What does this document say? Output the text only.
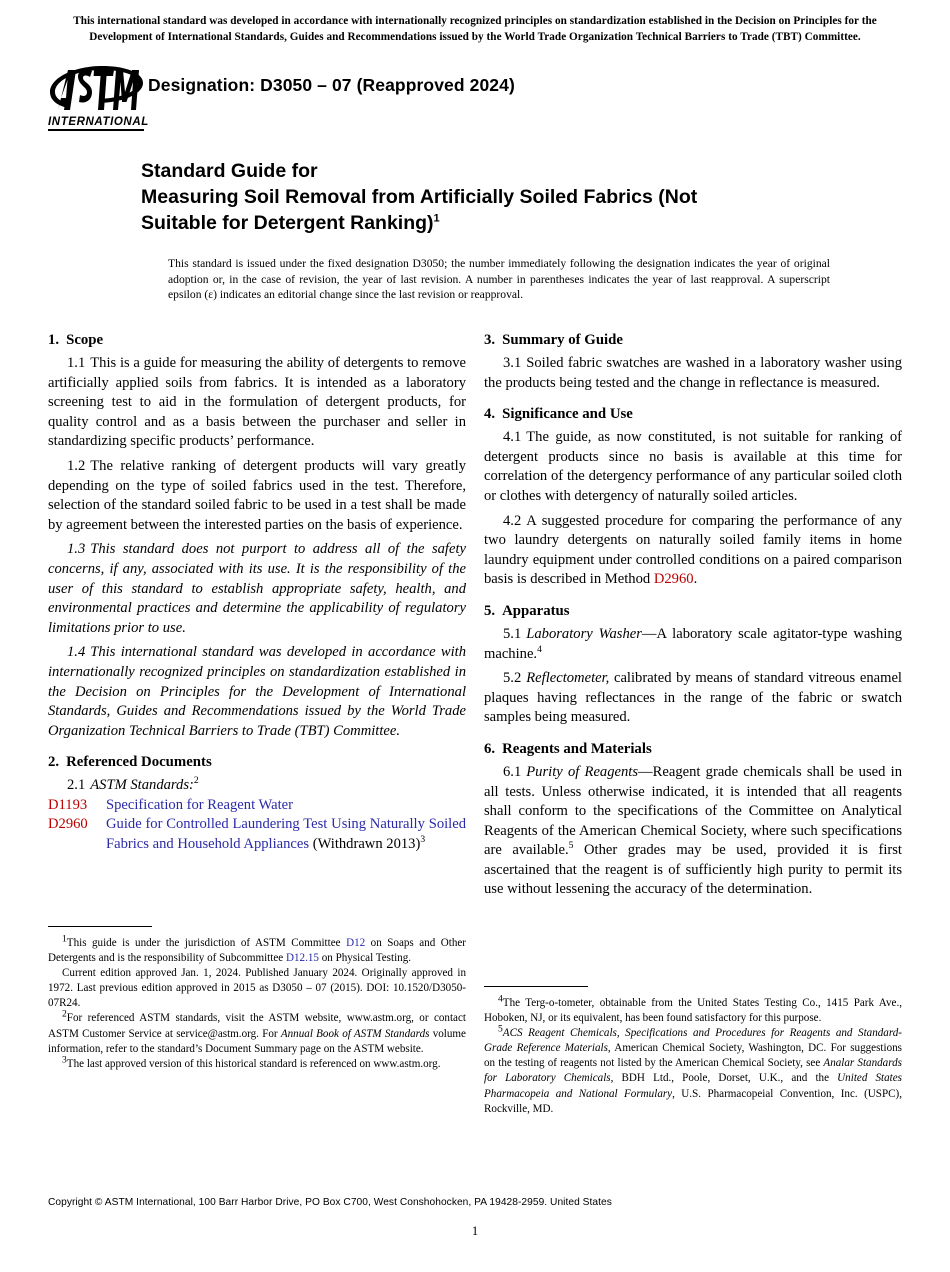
This international standard was developed in accordance with internationally recognized principles on standardization established in the Decision on Principles for the
Development of International Standards, Guides and Recommendations issued by the World Trade Organization Technical Barriers to Trade (TBT) Committee.
INTERNATIONAL
Designation: D3050 – 07 (Reapproved 2024)
Standard Guide for
Measuring Soil Removal from Artificially Soiled Fabrics (Not
Suitable for Detergent Ranking)$^1$
This standard is issued under the fixed designation D3050; the number immediately following the designation indicates the year of original adoption or, in the case of revision, the year of last revision. A number in parentheses indicates the year of last reapproval. A superscript epsilon (ε) indicates an editorial change since the last revision or reapproval.
1. Scope

1.1 This is a guide for measuring the ability of detergents to remove artificially applied soils from fabrics. It is intended as a laboratory screening test to aid in the formulation of detergent products, for quality control and as a basis between the purchaser and seller in standardizing specific products’ performance.

1.2 The relative ranking of detergent products will vary greatly depending on the type of soiled fabrics used in the test. Therefore, selection of the standard soiled fabric to be used in a test shall be made by agreement between the interested parties on the basis of experience.

1.3 This standard does not purport to address all of the safety concerns, if any, associated with its use. It is the responsibility of the user of this standard to establish appropriate safety, health, and environmental practices and determine the applicability of regulatory limitations prior to use.

1.4 This international standard was developed in accordance with internationally recognized principles on standardization established in the Decision on Principles for the Development of International Standards, Guides and Recommendations issued by the World Trade Organization Technical Barriers to Trade (TBT) Committee.

2. Referenced Documents

2.1 ASTM Standards:$^2$

D1193 Specification for Reagent Water

D2960 Guide for Controlled Laundering Test Using Naturally Soiled Fabrics and Household Appliances (Withdrawn 2013)$^3$

3. Summary of Guide

3.1 Soiled fabric swatches are washed in a laboratory washer using the products being tested and the change in reflectance is measured.

4. Significance and Use

4.1 The guide, as now constituted, is not suitable for ranking of detergent products since no basis is available at this time for correlation of the detergency performance of any particular soiled cloth or clothes with detergency of naturally soiled articles.

4.2 A suggested procedure for comparing the performance of any two laundry detergents on naturally soiled family items in home laundry equipment under controlled conditions on a paired comparison basis is described in Method D2960.

5. Apparatus

5.1 Laboratory Washer—A laboratory scale agitator-type washing machine.$^4$

5.2 Reflectometer, calibrated by means of standard vitreous enamel plaques having reflectances in the range of the fabric or swatch samples being measured.

6. Reagents and Materials

6.1 Purity of Reagents—Reagent grade chemicals shall be used in all tests. Unless otherwise indicated, it is intended that all reagents shall conform to the specifications of the Committee on Analytical Reagents of the American Chemical Society, where such specifications are available.$^5$ Other grades may be used, provided it is first ascertained that the reagent is of sufficiently high purity to permit its use without lessening the accuracy of the determination.

$^1$This guide is under the jurisdiction of ASTM Committee D12 on Soaps and Other Detergents and is the responsibility of Subcommittee D12.15 on Physical Testing.

Current edition approved Jan. 1, 2024. Published January 2024. Originally approved in 1972. Last previous edition approved in 2015 as D3050 – 07 (2015). DOI: 10.1520/D3050-07R24.

$^2$For referenced ASTM standards, visit the ASTM website, www.astm.org, or contact ASTM Customer Service at service@astm.org. For Annual Book of ASTM Standards volume information, refer to the standard’s Document Summary page on the ASTM website.

$^3$The last approved version of this historical standard is referenced on www.astm.org.

$^4$The Terg-o-tometer, obtainable from the United States Testing Co., 1415 Park Ave., Hoboken, NJ, or its equivalent, has been found satisfactory for this purpose.

$^5$ACS Reagent Chemicals, Specifications and Procedures for Reagents and Standard-Grade Reference Materials, American Chemical Society, Washington, DC. For suggestions on the testing of reagents not listed by the American Chemical Society, see Analar Standards for Laboratory Chemicals, BDH Ltd., Poole, Dorset, U.K., and the United States Pharmacopeia and National Formulary, U.S. Pharmacopeial Convention, Inc. (USPC), Rockville, MD.

Copyright © ASTM International, 100 Barr Harbor Drive, PO Box C700, West Conshohocken, PA 19428-2959. United States
1
